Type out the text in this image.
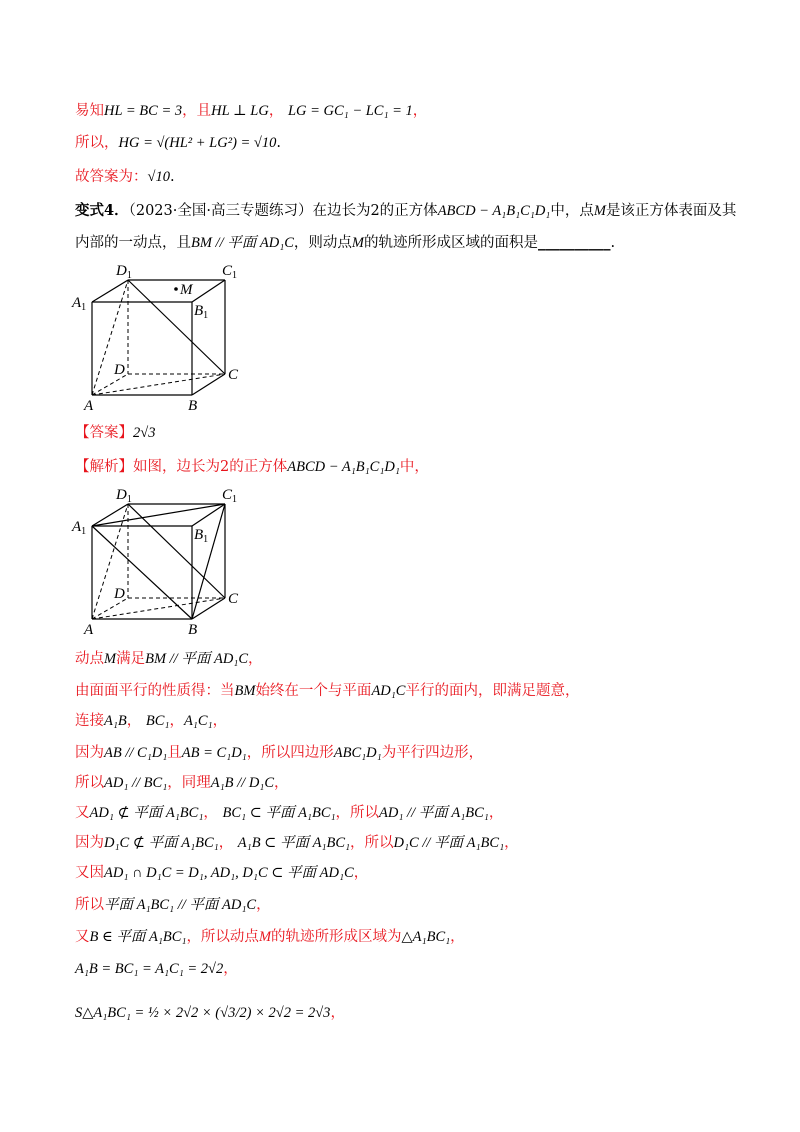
易知HL = BC = 3，且HL ⊥ LG， LG = GC₁ − LC₁ = 1，
所以，HG = √(HL² + LG²) = √10.
故答案为：√10.
变式4．（2023·全国·高三专题练习）在边长为2的正方体ABCD − A₁B₁C₁D₁中，点M是该正方体表面及其
内部的一动点，且BM // 平面 AD₁C，则动点M的轨迹所形成区域的面积是__________.
$D_1$	$C_1$
$A_1$	$B_1$
M
D	C
A	B
【答案】2√3
【解析】如图，边长为2的正方体ABCD − A₁B₁C₁D₁中，
$D_1$	$C_1$
$A_1$	$B_1$
D	C
A	B
动点M满足BM // 平面 AD₁C，
由面面平行的性质得：当BM始终在一个与平面AD₁C平行的面内，即满足题意，
连接A₁B， BC₁，A₁C₁，
因为AB // C₁D₁且AB = C₁D₁，所以四边形ABC₁D₁为平行四边形，
所以AD₁ // BC₁，同理A₁B // D₁C，
又AD₁ ⊄ 平面 A₁BC₁， BC₁ ⊂ 平面 A₁BC₁，所以AD₁ // 平面 A₁BC₁，
因为D₁C ⊄ 平面 A₁BC₁， A₁B ⊂ 平面 A₁BC₁，所以D₁C // 平面 A₁BC₁，
又因AD₁ ∩ D₁C = D₁, AD₁, D₁C ⊂ 平面 AD₁C，
所以平面 A₁BC₁ // 平面 AD₁C，
又B ∈ 平面 A₁BC₁，所以动点M的轨迹所形成区域为△A₁BC₁，
A₁B = BC₁ = A₁C₁ = 2√2，
S△A₁BC₁ = ½ × 2√2 × (√3/2) × 2√2 = 2√3，
